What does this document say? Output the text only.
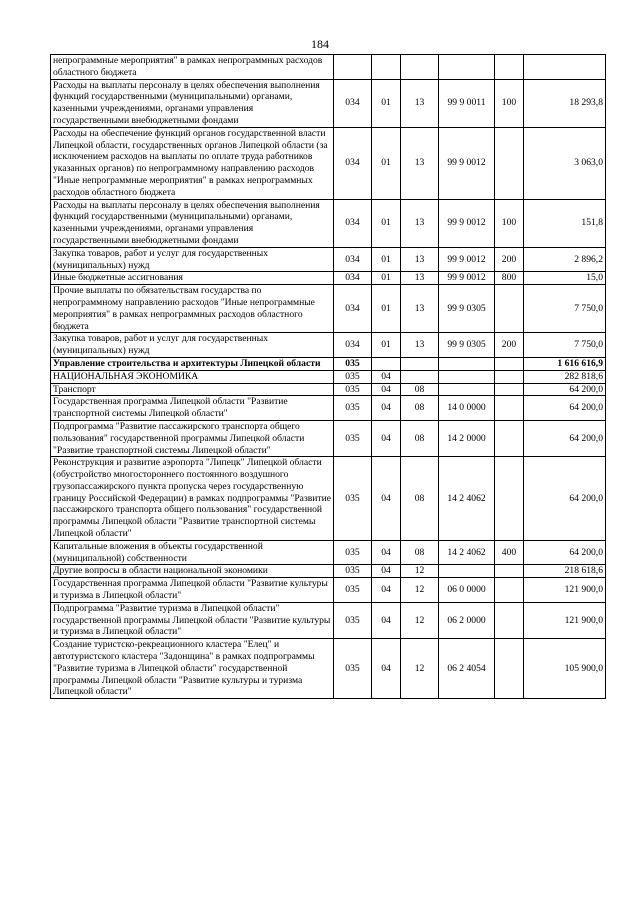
184
непрограммные мероприятия" в рамках непрограммных расходов областного бюджета						
Расходы на выплаты персоналу в целях обеспечения выполнения функций государственными (муниципальными) органами, казенными учреждениями, органами управления государственными внебюджетными фондами	034	01	13	99 9 0011	100	18 293,8
Расходы на обеспечение функций органов государственной власти Липецкой области, государственных органов Липецкой области (за исключением расходов на выплаты по оплате труда работников указанных органов) по непрограммному направлению расходов "Иные непрограммные мероприятия" в рамках непрограммных расходов областного бюджета	034	01	13	99 9 0012		3 063,0
Расходы на выплаты персоналу в целях обеспечения выполнения функций государственными (муниципальными) органами, казенными учреждениями, органами управления государственными внебюджетными фондами	034	01	13	99 9 0012	100	151,8
Закупка товаров, работ и услуг для государственных (муниципальных) нужд	034	01	13	99 9 0012	200	2 896,2
Иные бюджетные ассигнования	034	01	13	99 9 0012	800	15,0
Прочие выплаты по обязательствам государства по непрограммному направлению расходов "Иные непрограммные мероприятия" в рамках непрограммных расходов областного бюджета	034	01	13	99 9 0305		7 750,0
Закупка товаров, работ и услуг для государственных (муниципальных) нужд	034	01	13	99 9 0305	200	7 750,0
Управление строительства и архитектуры Липецкой области	035					1 616 616,9
НАЦИОНАЛЬНАЯ ЭКОНОМИКА	035	04				282 818,6
Транспорт	035	04	08			64 200,0
Государственная программа Липецкой области "Развитие транспортной системы Липецкой области"	035	04	08	14 0 0000		64 200,0
Подпрограмма "Развитие пассажирского транспорта общего пользования" государственной программы Липецкой области "Развитие транспортной системы Липецкой области"	035	04	08	14 2 0000		64 200,0
Реконструкция и развитие аэропорта "Липецк" Липецкой области (обустройство многостороннего постоянного воздушного грузопассажирского пункта пропуска через государственную границу Российской Федерации) в рамках подпрограммы "Развитие пассажирского транспорта общего пользования" государственной программы Липецкой области "Развитие транспортной системы Липецкой области"	035	04	08	14 2 4062		64 200,0
Капитальные вложения в объекты государственной (муниципальной) собственности	035	04	08	14 2 4062	400	64 200,0
Другие вопросы в области национальной экономики	035	04	12			218 618,6
Государственная программа Липецкой области "Развитие культуры и туризма в Липецкой области"	035	04	12	06 0 0000		121 900,0
Подпрограмма "Развитие туризма в Липецкой области" государственной программы Липецкой области "Развитие культуры и туризма в Липецкой области"	035	04	12	06 2 0000		121 900,0
Создание туристско-рекреационного кластера "Елец" и автотуристского кластера "Задонщина" в рамках подпрограммы "Развитие туризма в Липецкой области" государственной программы Липецкой области "Развитие культуры и туризма Липецкой области"	035	04	12	06 2 4054		105 900,0
